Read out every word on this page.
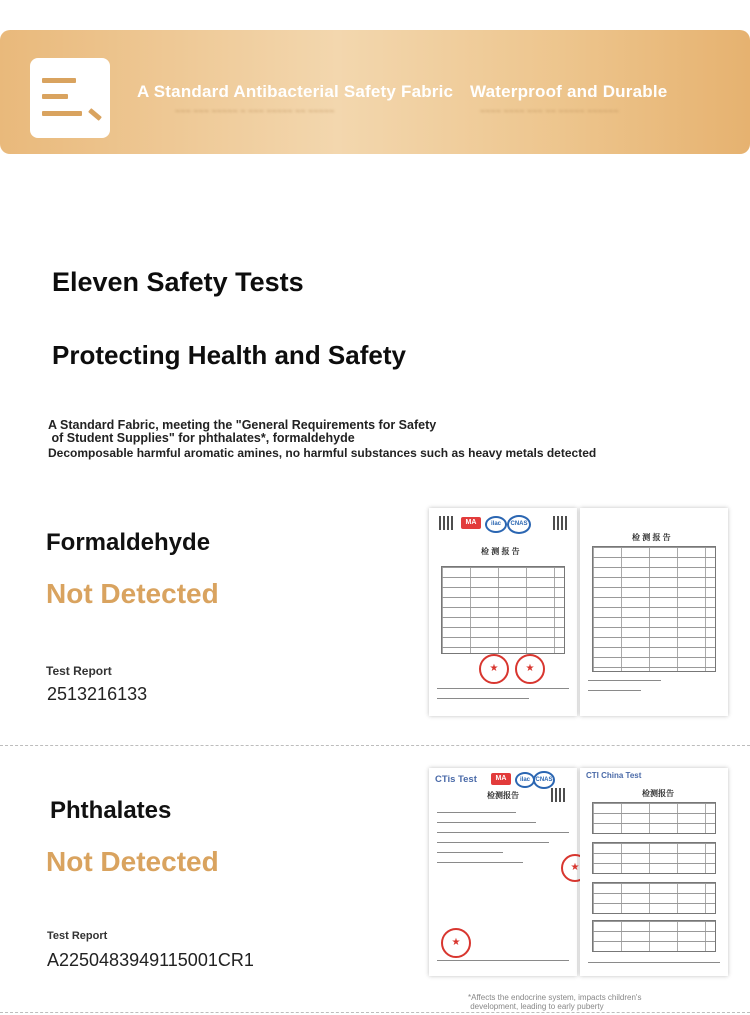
A Standard Antibacterial Safety Fabric Waterproof and Durable
~~~ ~~~ ~~~~~ ~ ~~~ ~~~~~ ~~ ~~~~~	~~~~ ~~~~ ~~~ ~~ ~~~~~ ~~~~~~
Eleven Safety Tests
Protecting Health and Safety
A Standard Fabric, meeting the "General Requirements for Safety
of Student Supplies" for phthalates*, formaldehyde
Decomposable harmful aromatic amines, no harmful substances such as heavy metals detected
Formaldehyde
Not Detected
Test Report
2513216133
MA	ilac	CNAS
检 测 报 告
★	★
检 测 报 告
Phthalates
Not Detected
Test Report
A2250483949115001CR1
CTis Test	MA	ilac CNAS
检测报告
★
★
CTI China Test
检测报告
*Affects the endocrine system, impacts children's
development, leading to early puberty
